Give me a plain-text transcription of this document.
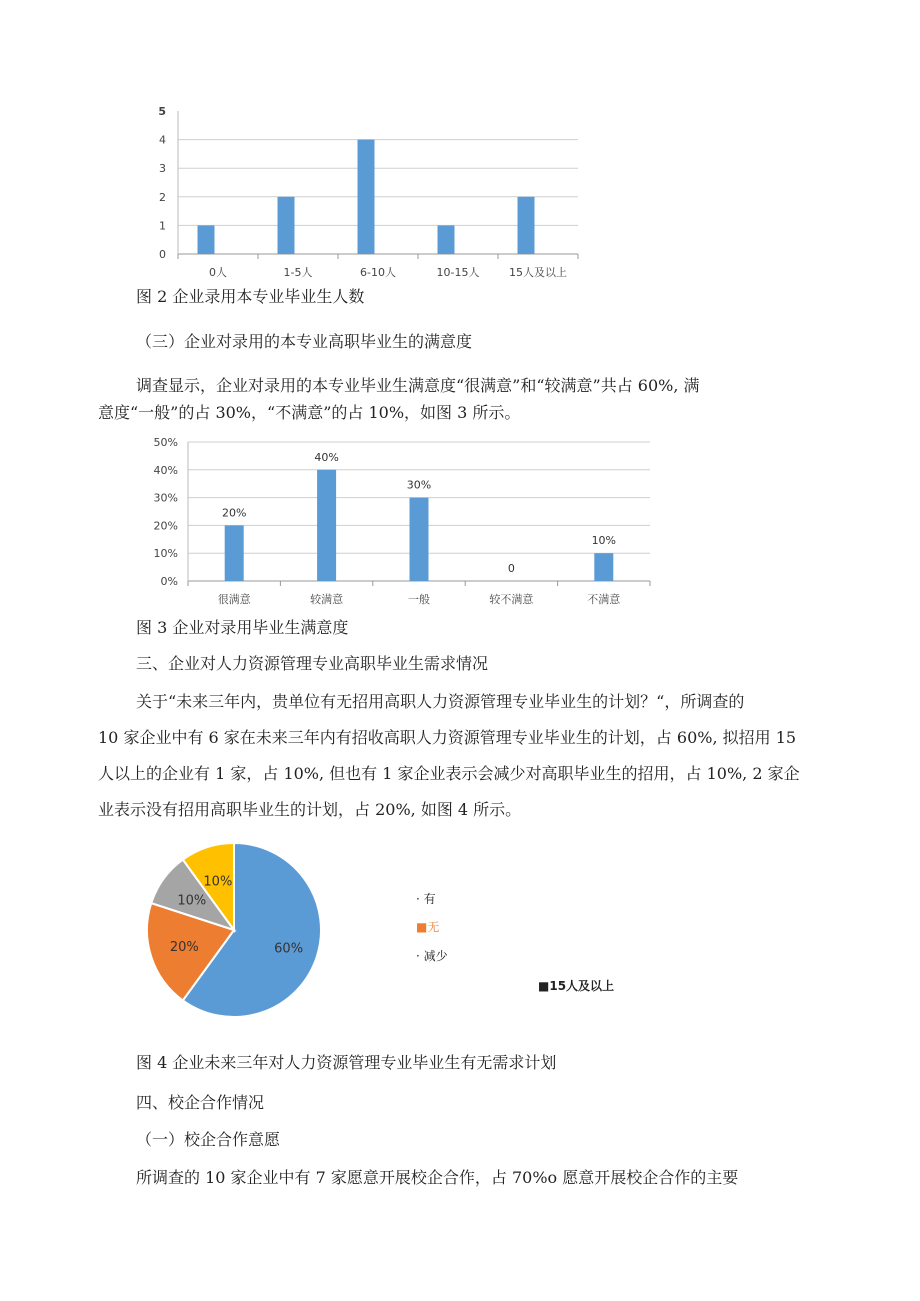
0
1
2
3
4
5
0人	1-5人	6-10人	10-15人	15人及以上
0%
10%
20%
30%
40%
50%
很满意
20%
较满意
40%
一般
30%
较不满意
0
不满意
10%
60%
20%
10%
10%
图 2 企业录用本专业毕业生人数
（三）企业对录用的本专业高职毕业生的满意度
调查显示，企业对录用的本专业毕业生满意度“很满意”和“较满意”共占 60%, 满
意度“一般”的占 30%，“不满意”的占 10%，如图 3 所示。
图 3 企业对录用毕业生满意度
三、企业对人力资源管理专业高职毕业生需求情况
关于“未来三年内，贵单位有无招用高职人力资源管理专业毕业生的计划？“，所调查的
10 家企业中有 6 家在未来三年内有招收高职人力资源管理专业毕业生的计划，占 60%, 拟招用 15
人以上的企业有 1 家，占 10%, 但也有 1 家企业表示会减少对高职毕业生的招用，占 10%, 2 家企
业表示没有招用高职毕业生的计划，占 20%, 如图 4 所示。
· 有
■无
· 减少
■15人及以上
图 4 企业未来三年对人力资源管理专业毕业生有无需求计划
四、校企合作情况
（一）校企合作意愿
所调查的 10 家企业中有 7 家愿意开展校企合作，占 70%o 愿意开展校企合作的主要
